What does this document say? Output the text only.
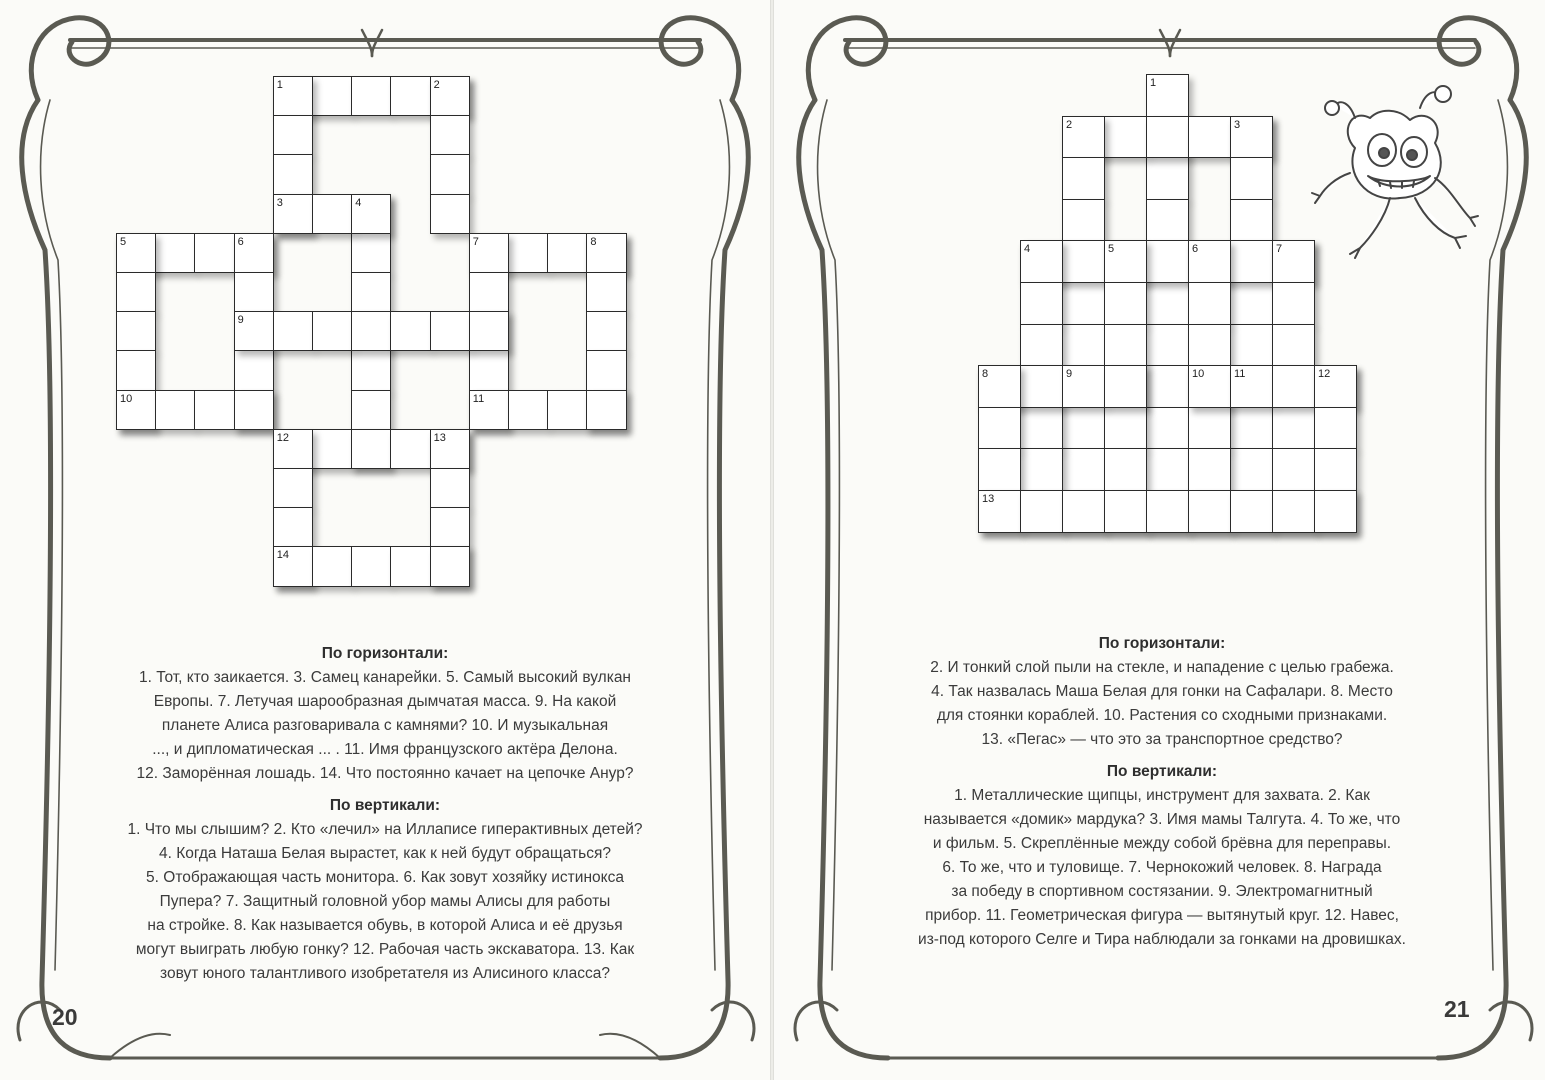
1	2
3	4
5	6	7	8
9
10	11
12	13
14
1
2	3
4	5	6	7
8	9	10	11	12
13

По горизонтали:

1. Тот, кто заикается. 3. Самец канарейки. 5. Самый высокий вулкан

Европы. 7. Летучая шарообразная дымчатая масса. 9. На какой

планете Алиса разговаривала с камнями? 10. И музыкальная

..., и дипломатическая ... . 11. Имя французского актёра Делона.

12. Заморённая лошадь. 14. Что постоянно качает на цепочке Анур?

По вертикали:

1. Что мы слышим? 2. Кто «лечил» на Иллаписе гиперактивных детей?

4. Когда Наташа Белая вырастет, как к ней будут обращаться?

5. Отображающая часть монитора. 6. Как зовут хозяйку истинокса

Пупера? 7. Защитный головной убор мамы Алисы для работы

на стройке. 8. Как называется обувь, в которой Алиса и её друзья

могут выиграть любую гонку? 12. Рабочая часть экскаватора. 13. Как

зовут юного талантливого изобретателя из Алисиного класса?

По горизонтали:

2. И тонкий слой пыли на стекле, и нападение с целью грабежа.

4. Так назвалась Маша Белая для гонки на Сафалари. 8. Место

для стоянки кораблей. 10. Растения со сходными признаками.

13. «Пегас» — что это за транспортное средство?

По вертикали:

1. Металлические щипцы, инструмент для захвата. 2. Как

называется «домик» мардука? 3. Имя мамы Талгута. 4. То же, что

и фильм. 5. Скреплённые между собой брёвна для переправы.

6. То же, что и туловище. 7. Чернокожий человек. 8. Награда

за победу в спортивном состязании. 9. Электромагнитный

прибор. 11. Геометрическая фигура — вытянутый круг. 12. Навес,

из-под которого Селге и Тира наблюдали за гонками на дровишках.

20	21
